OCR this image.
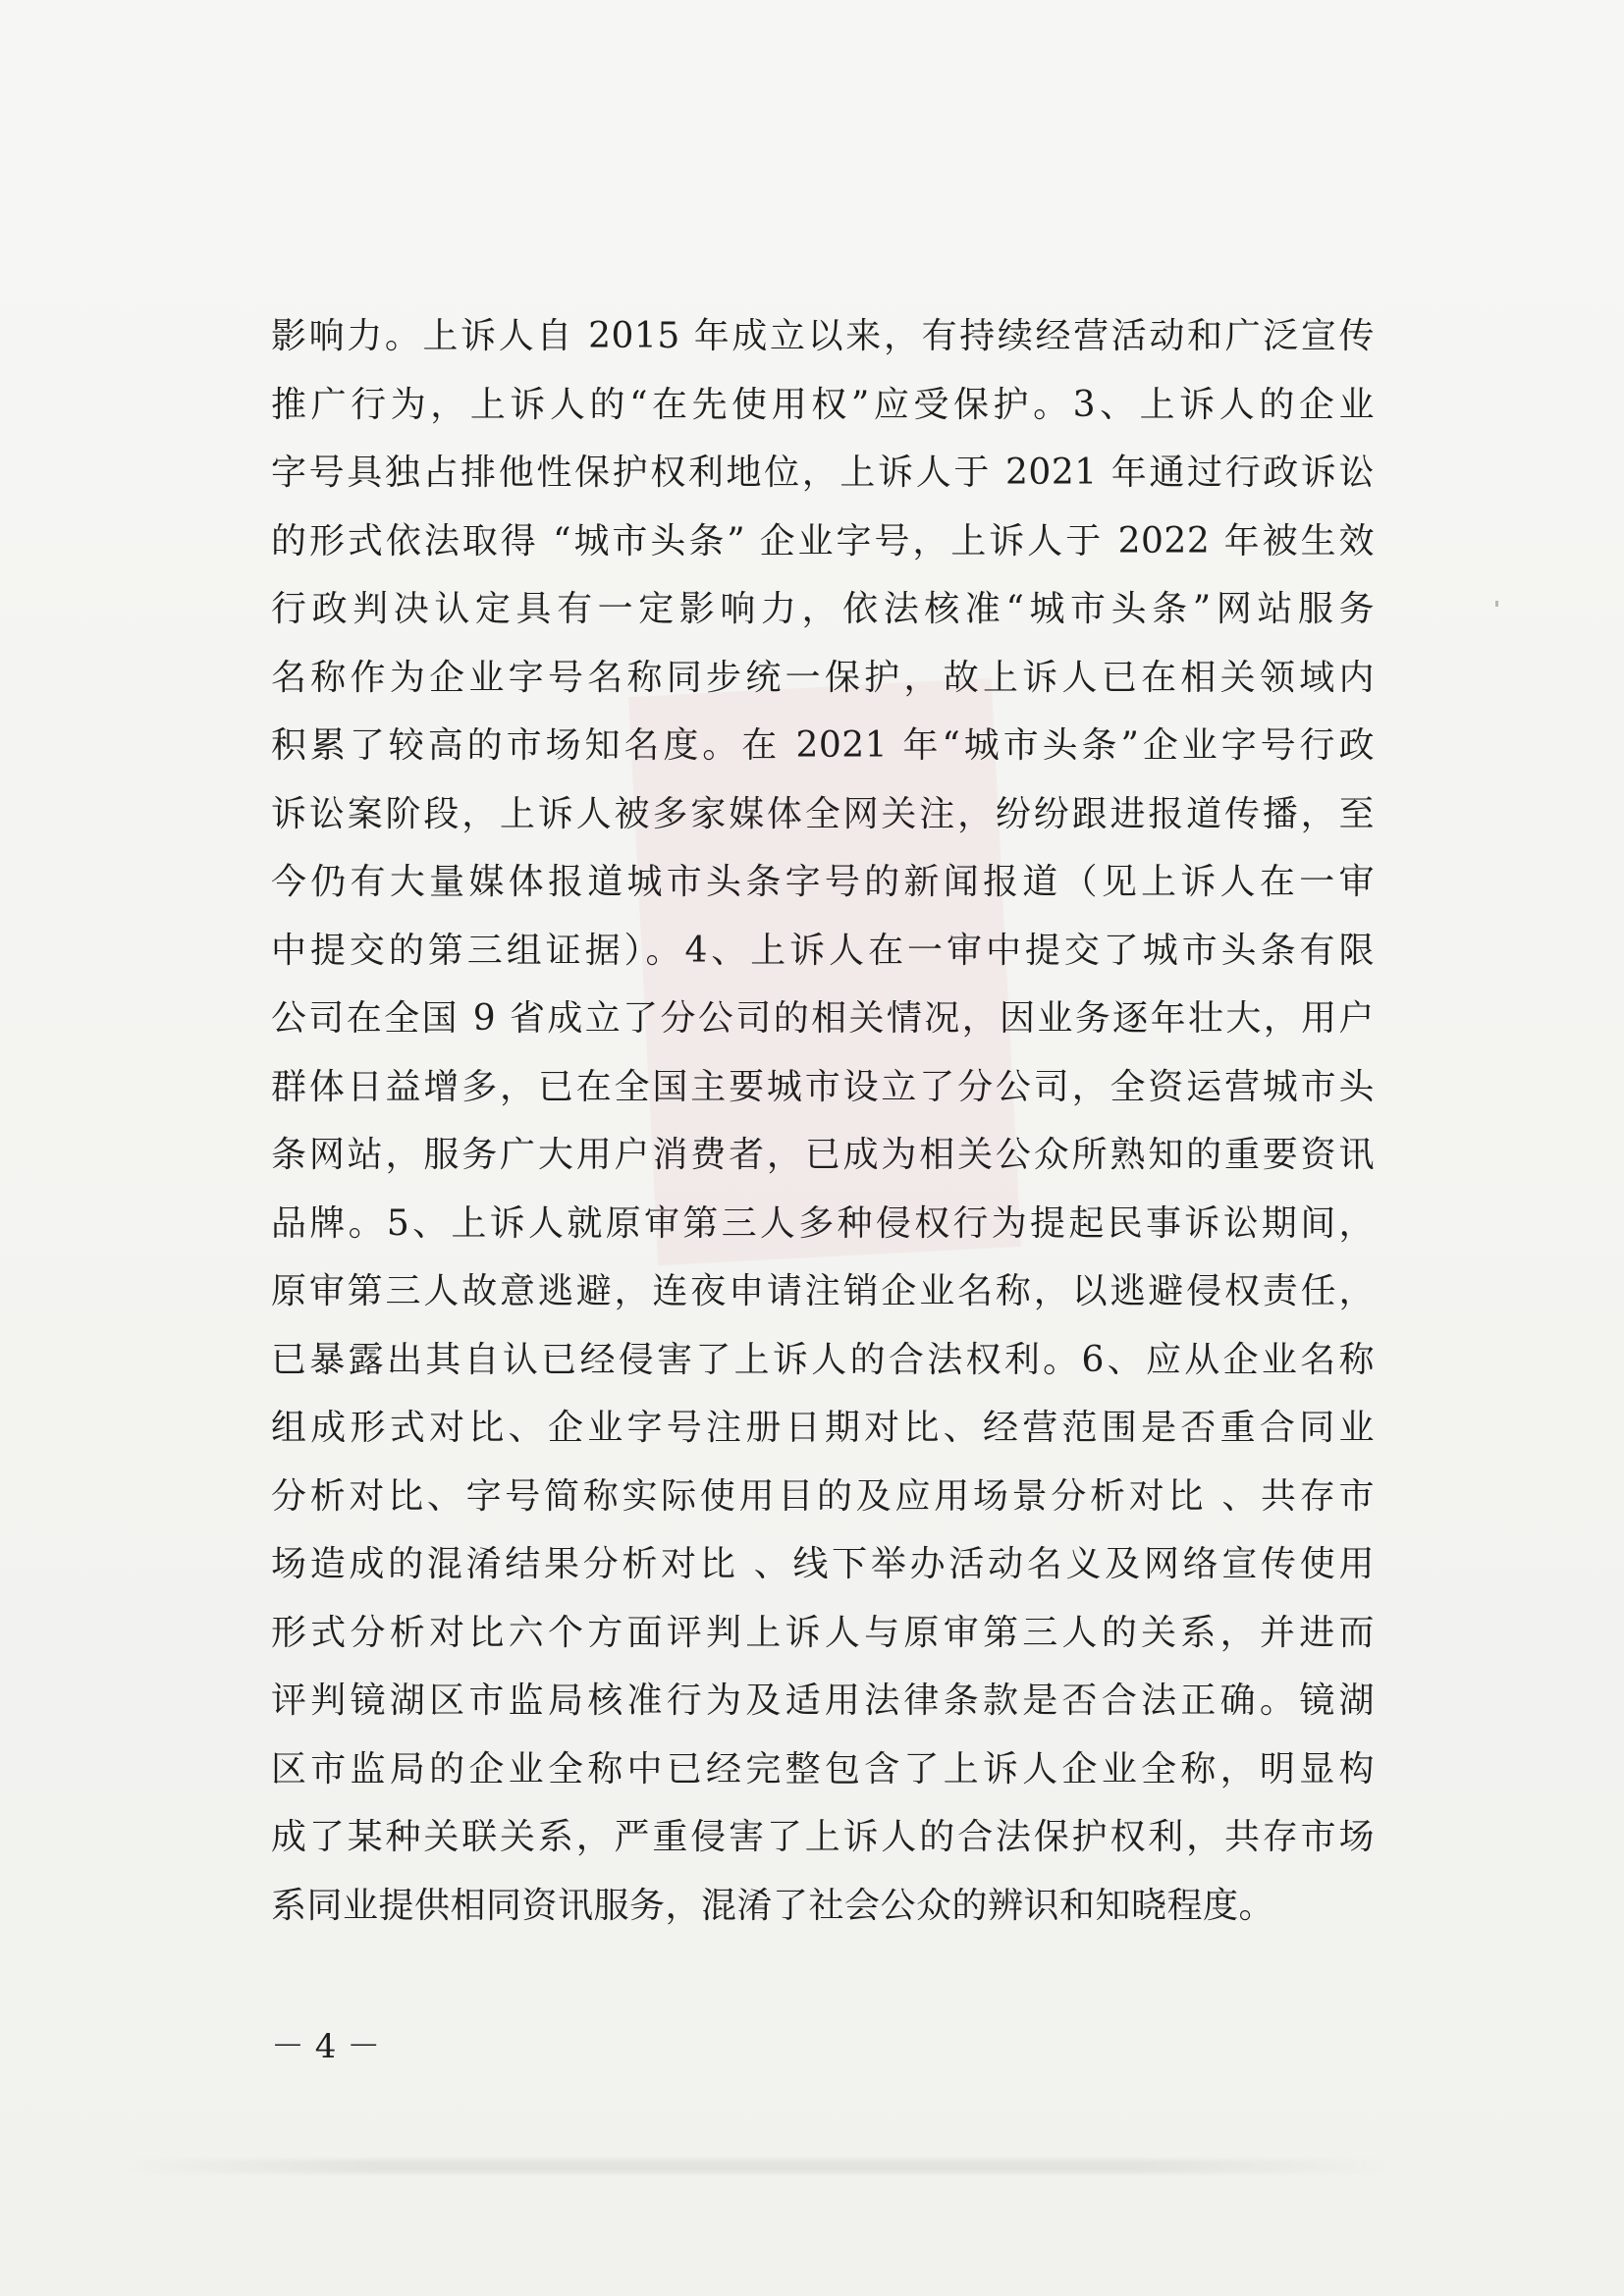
影响力。上诉人自 2015 年成立以来，有持续经营活动和广泛宣传
推广行为，上诉人的“在先使用权”应受保护。3、上诉人的企业
字号具独占排他性保护权利地位，上诉人于 2021 年通过行政诉讼
的形式依法取得 “城市头条” 企业字号，上诉人于 2022 年被生效
行政判决认定具有一定影响力，依法核准“城市头条”网站服务
名称作为企业字号名称同步统一保护，故上诉人已在相关领域内
积累了较高的市场知名度。在 2021 年“城市头条”企业字号行政
诉讼案阶段，上诉人被多家媒体全网关注，纷纷跟进报道传播，至
今仍有大量媒体报道城市头条字号的新闻报道（见上诉人在一审
中提交的第三组证据）。4、上诉人在一审中提交了城市头条有限
公司在全国 9 省成立了分公司的相关情况，因业务逐年壮大，用户
群体日益增多，已在全国主要城市设立了分公司，全资运营城市头
条网站，服务广大用户消费者，已成为相关公众所熟知的重要资讯
品牌。5、上诉人就原审第三人多种侵权行为提起民事诉讼期间，
原审第三人故意逃避，连夜申请注销企业名称，以逃避侵权责任，
已暴露出其自认已经侵害了上诉人的合法权利。6、应从企业名称
组成形式对比、企业字号注册日期对比、经营范围是否重合同业
分析对比、字号简称实际使用目的及应用场景分析对比 、共存市
场造成的混淆结果分析对比 、线下举办活动名义及网络宣传使用
形式分析对比六个方面评判上诉人与原审第三人的关系，并进而
评判镜湖区市监局核准行为及适用法律条款是否合法正确。镜湖
区市监局的企业全称中已经完整包含了上诉人企业全称，明显构
成了某种关联关系，严重侵害了上诉人的合法保护权利，共存市场
系同业提供相同资讯服务，混淆了社会公众的辨识和知晓程度。
－ 4 －
